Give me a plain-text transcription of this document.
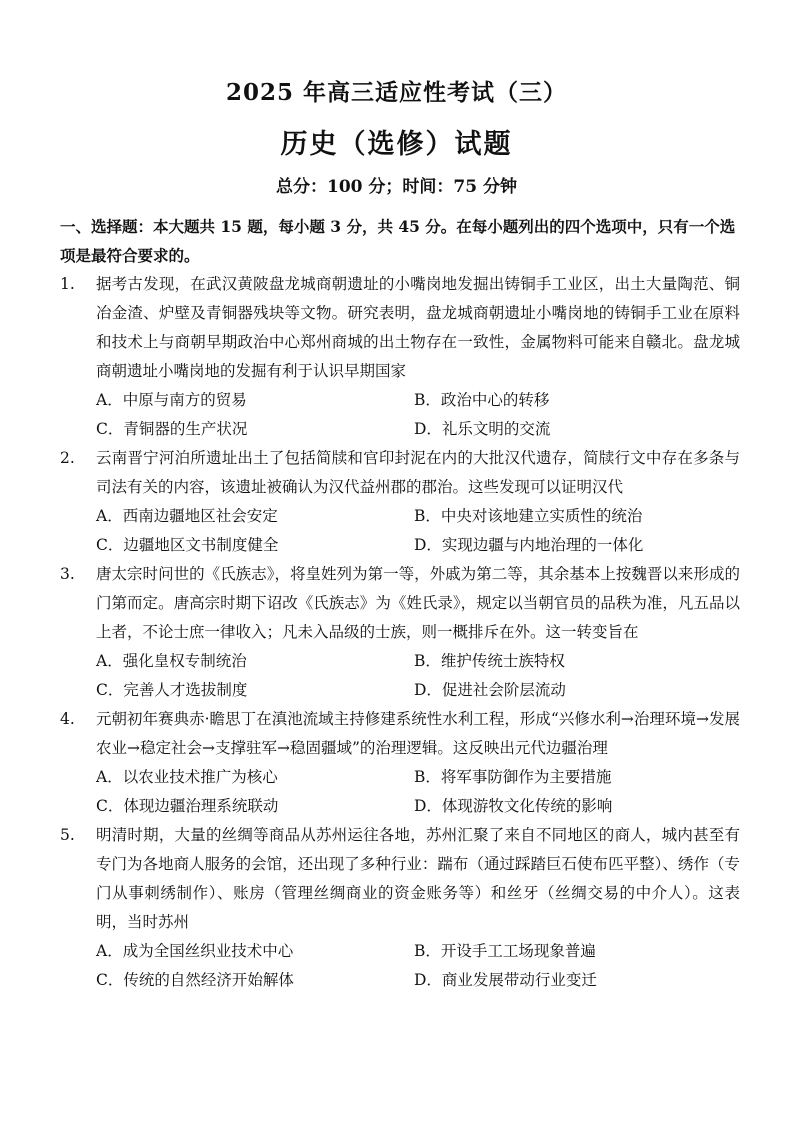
2025 年高三适应性考试（三）
历史（选修）试题
总分：100 分；时间：75 分钟
一、选择题：本大题共 15 题，每小题 3 分，共 45 分。在每小题列出的四个选项中，只有一个选项是最符合要求的。
1.	据考古发现，在武汉黄陂盘龙城商朝遗址的小嘴岗地发掘出铸铜手工业区，出土大量陶范、铜冶金渣、炉壁及青铜器残块等文物。研究表明，盘龙城商朝遗址小嘴岗地的铸铜手工业在原料和技术上与商朝早期政治中心郑州商城的出土物存在一致性，金属物料可能来自赣北。盘龙城商朝遗址小嘴岗地的发掘有利于认识早期国家
A．中原与南方的贸易	B．政治中心的转移
C．青铜器的生产状况	D．礼乐文明的交流
2.	云南晋宁河泊所遗址出土了包括简牍和官印封泥在内的大批汉代遗存，简牍行文中存在多条与司法有关的内容，该遗址被确认为汉代益州郡的郡治。这些发现可以证明汉代
A．西南边疆地区社会安定	B．中央对该地建立实质性的统治
C．边疆地区文书制度健全	D．实现边疆与内地治理的一体化
3.	唐太宗时问世的《氏族志》，将皇姓列为第一等，外戚为第二等，其余基本上按魏晋以来形成的门第而定。唐高宗时期下诏改《氏族志》为《姓氏录》，规定以当朝官员的品秩为准，凡五品以上者，不论士庶一律收入；凡未入品级的士族，则一概排斥在外。这一转变旨在
A．强化皇权专制统治	B．维护传统士族特权
C．完善人才选拔制度	D．促进社会阶层流动
4.	元朝初年赛典赤·瞻思丁在滇池流域主持修建系统性水利工程，形成“兴修水利→治理环境→发展农业→稳定社会→支撑驻军→稳固疆域”的治理逻辑。这反映出元代边疆治理
A．以农业技术推广为核心	B．将军事防御作为主要措施
C．体现边疆治理系统联动	D．体现游牧文化传统的影响
5.	明清时期，大量的丝绸等商品从苏州运往各地，苏州汇聚了来自不同地区的商人，城内甚至有专门为各地商人服务的会馆，还出现了多种行业：踹布（通过踩踏巨石使布匹平整）、绣作（专门从事刺绣制作）、账房（管理丝绸商业的资金账务等）和丝牙（丝绸交易的中介人）。这表明，当时苏州
A．成为全国丝织业技术中心	B．开设手工工场现象普遍
C．传统的自然经济开始解体	D．商业发展带动行业变迁
